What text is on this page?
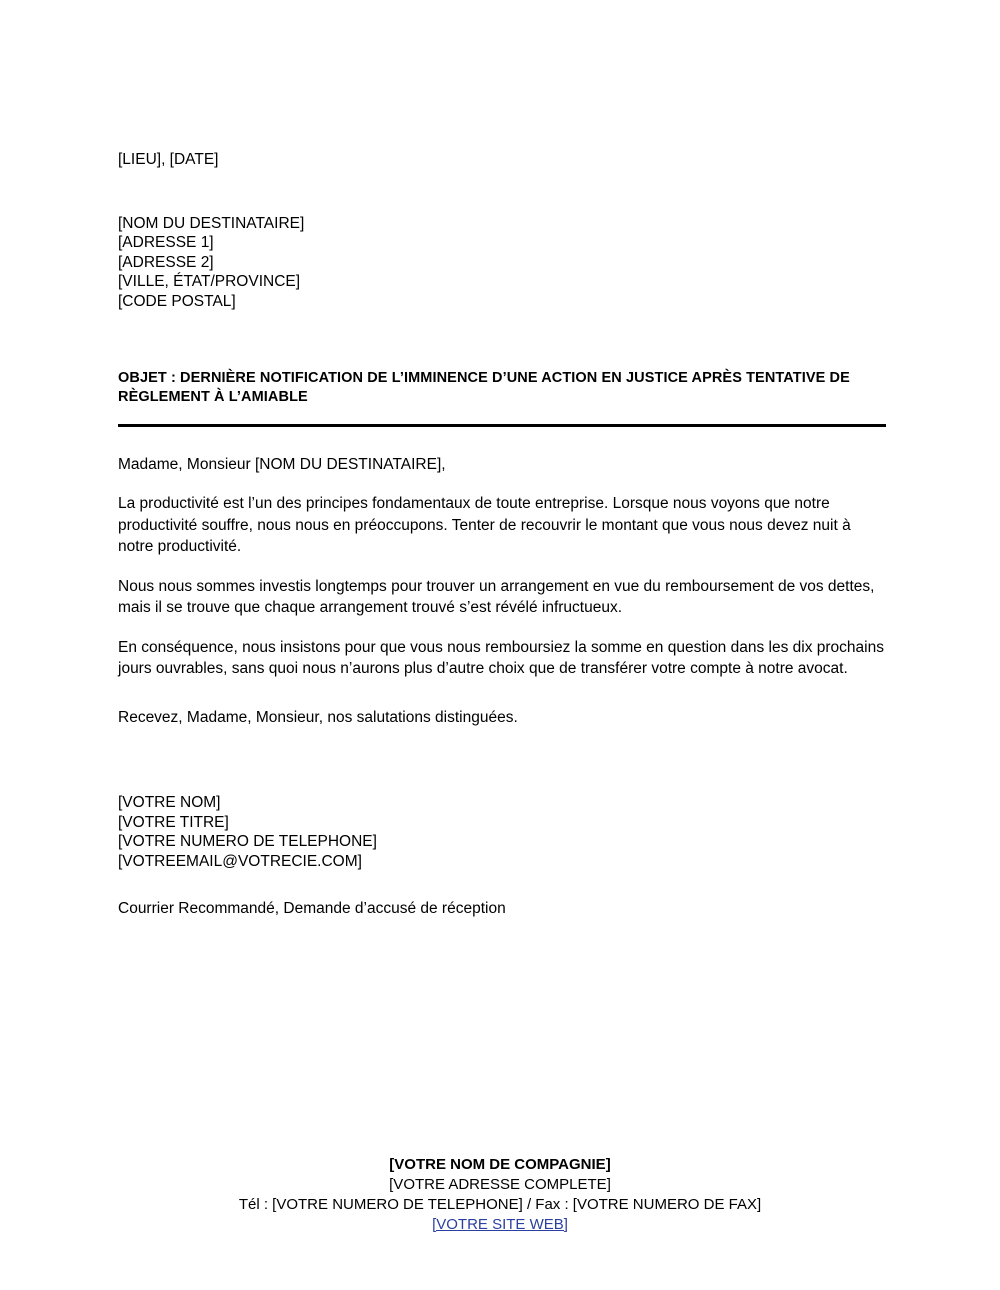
[LIEU], [DATE]
[NOM DU DESTINATAIRE]
[ADRESSE 1]
[ADRESSE 2]
[VILLE, ÉTAT/PROVINCE]
[CODE POSTAL]
OBJET : DERNIÈRE NOTIFICATION DE L’IMMINENCE D’UNE ACTION EN JUSTICE APRÈS TENTATIVE DE RÈGLEMENT À L’AMIABLE
Madame, Monsieur [NOM DU DESTINATAIRE],

La productivité est l’un des principes fondamentaux de toute entreprise. Lorsque nous voyons que notre productivité souffre, nous nous en préoccupons. Tenter de recouvrir le montant que vous nous devez nuit à notre productivité.

Nous nous sommes investis longtemps pour trouver un arrangement en vue du remboursement de vos dettes, mais il se trouve que chaque arrangement trouvé s’est révélé infructueux.

En conséquence, nous insistons pour que vous nous remboursiez la somme en question dans les dix prochains jours ouvrables, sans quoi nous n’aurons plus d’autre choix que de transférer votre compte à notre avocat.

Recevez, Madame, Monsieur, nos salutations distinguées.
[VOTRE NOM]
[VOTRE TITRE]
[VOTRE NUMERO DE TELEPHONE]
[VOTREEMAIL@VOTRECIE.COM]
Courrier Recommandé, Demande d’accusé de réception
[VOTRE NOM DE COMPAGNIE]
[VOTRE ADRESSE COMPLETE]
Tél : [VOTRE NUMERO DE TELEPHONE] / Fax : [VOTRE NUMERO DE FAX]
[VOTRE SITE WEB]
